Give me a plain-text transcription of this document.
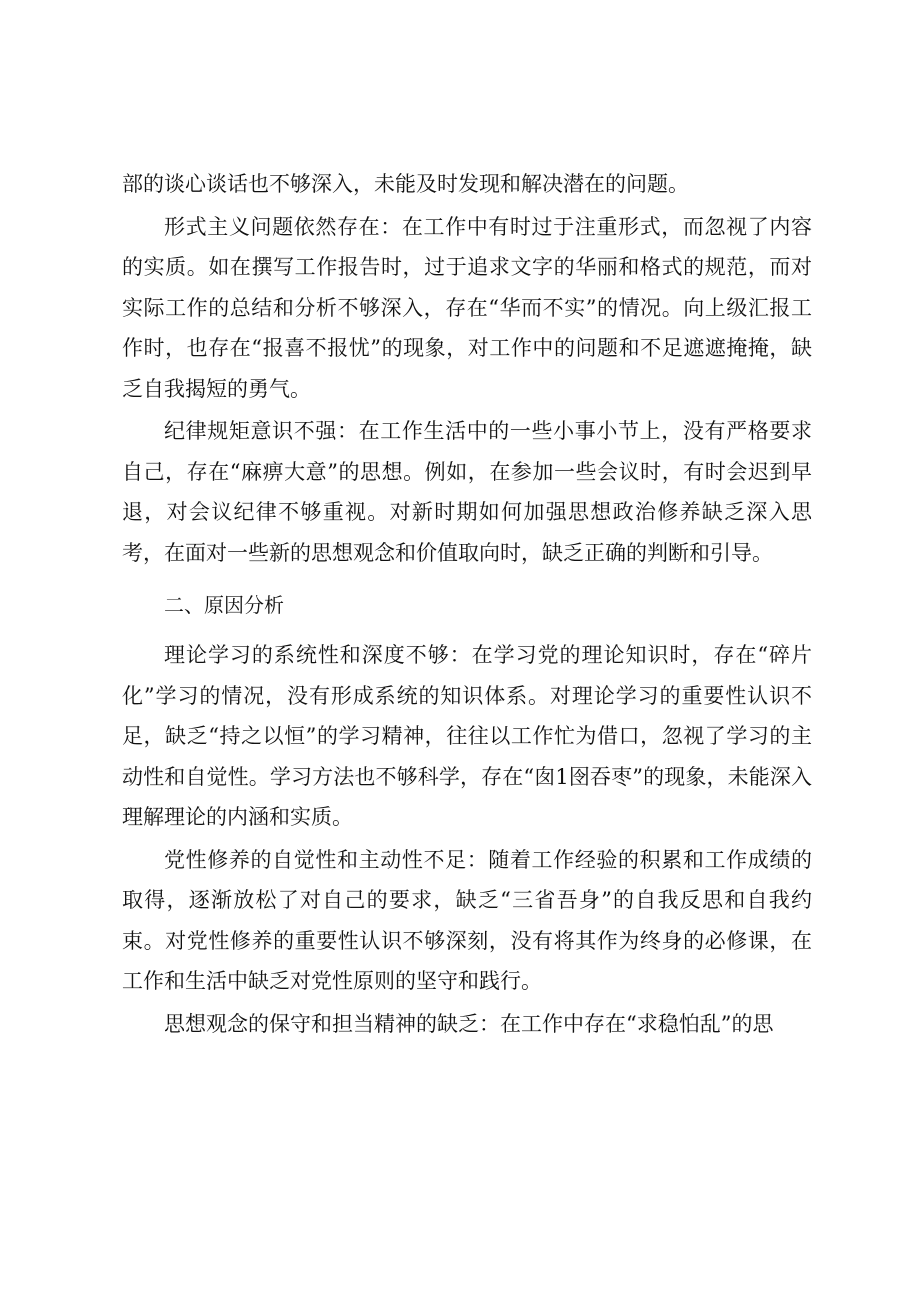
部的谈心谈话也不够深入，未能及时发现和解决潜在的问题。

形式主义问题依然存在：在工作中有时过于注重形式，而忽视了内容的实质。如在撰写工作报告时，过于追求文字的华丽和格式的规范，而对实际工作的总结和分析不够深入，存在“华而不实”的情况。向上级汇报工作时，也存在“报喜不报忧”的现象，对工作中的问题和不足遮遮掩掩，缺乏自我揭短的勇气。

纪律规矩意识不强：在工作生活中的一些小事小节上，没有严格要求自己，存在“麻痹大意”的思想。例如，在参加一些会议时，有时会迟到早退，对会议纪律不够重视。对新时期如何加强思想政治修养缺乏深入思考，在面对一些新的思想观念和价值取向时，缺乏正确的判断和引导。

二、原因分析

理论学习的系统性和深度不够：在学习党的理论知识时，存在“碎片化”学习的情况，没有形成系统的知识体系。对理论学习的重要性认识不足，缺乏“持之以恒”的学习精神，往往以工作忙为借口，忽视了学习的主动性和自觉性。学习方法也不够科学，存在“囱1囹吞枣”的现象，未能深入理解理论的内涵和实质。

党性修养的自觉性和主动性不足：随着工作经验的积累和工作成绩的取得，逐渐放松了对自己的要求，缺乏“三省吾身”的自我反思和自我约束。对党性修养的重要性认识不够深刻，没有将其作为终身的必修课，在工作和生活中缺乏对党性原则的坚守和践行。

思想观念的保守和担当精神的缺乏：在工作中存在“求稳怕乱”的思
